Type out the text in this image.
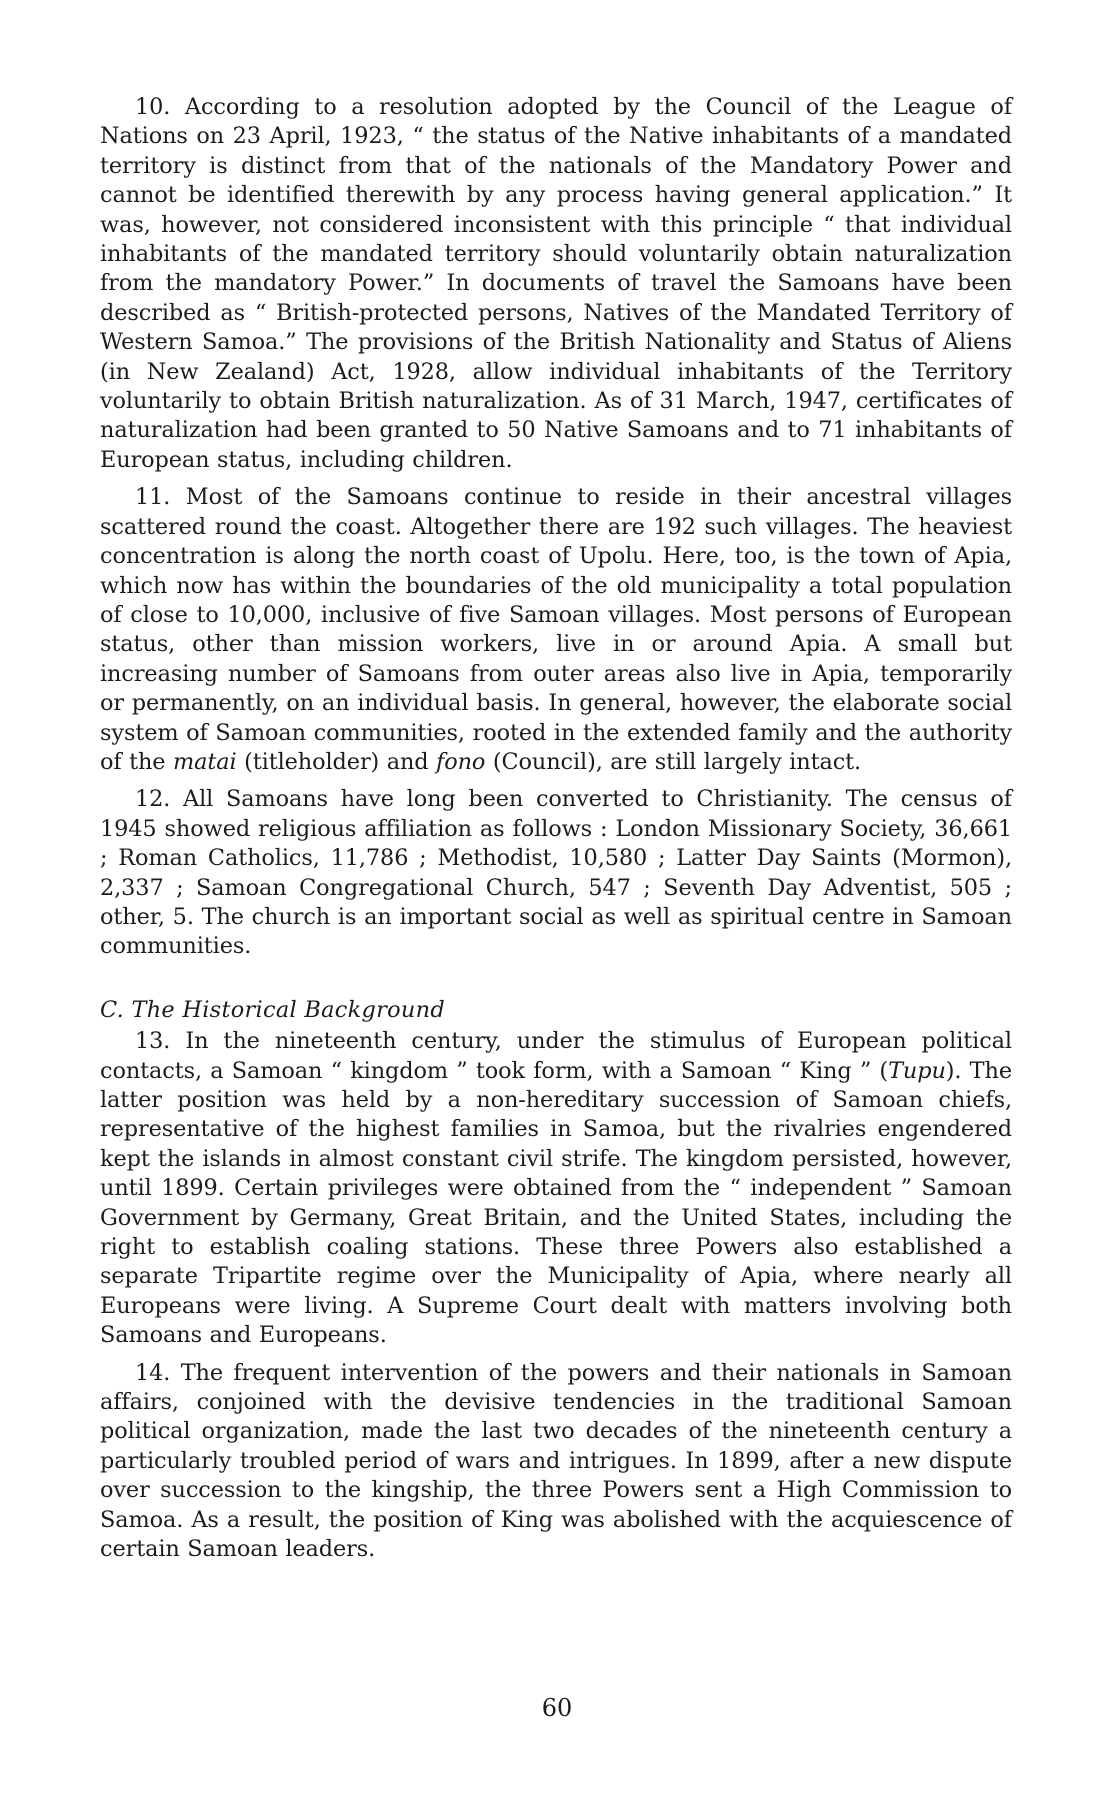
10. According to a resolution adopted by the Council of the League of Nations on 23 April, 1923, “ the status of the Native inhabitants of a mandated territory is distinct from that of the nationals of the Mandatory Power and cannot be identified therewith by any process having general application.” It was, however, not considered inconsistent with this principle “ that individual inhabitants of the mandated territory should voluntarily obtain naturalization from the mandatory Power.” In documents of travel the Samoans have been described as “ British-protected persons, Natives of the Mandated Territory of Western Samoa.” The provisions of the British Nationality and Status of Aliens (in New Zealand) Act, 1928, allow individual inhabitants of the Territory voluntarily to obtain British naturalization. As of 31 March, 1947, certificates of naturalization had been granted to 50 Native Samoans and to 71 inhabitants of European status, including children.
11. Most of the Samoans continue to reside in their ancestral villages scattered round the coast. Altogether there are 192 such villages. The heaviest concentration is along the north coast of Upolu. Here, too, is the town of Apia, which now has within the boundaries of the old municipality a total population of close to 10,000, inclusive of five Samoan villages. Most persons of European status, other than mission workers, live in or around Apia. A small but increasing number of Samoans from outer areas also live in Apia, temporarily or permanently, on an individual basis. In general, however, the elaborate social system of Samoan communities, rooted in the extended family and the authority of the matai (titleholder) and fono (Council), are still largely intact.
12. All Samoans have long been converted to Christianity. The census of 1945 showed religious affiliation as follows : London Missionary Society, 36,661 ; Roman Catholics, 11,786 ; Methodist, 10,580 ; Latter Day Saints (Mormon), 2,337 ; Samoan Congregational Church, 547 ; Seventh Day Adventist, 505 ; other, 5. The church is an important social as well as spiritual centre in Samoan communities.
C. The Historical Background
13. In the nineteenth century, under the stimulus of European political contacts, a Samoan “ kingdom ” took form, with a Samoan “ King ” (Tupu). The latter position was held by a non-hereditary succession of Samoan chiefs, representative of the highest families in Samoa, but the rivalries engendered kept the islands in almost constant civil strife. The kingdom persisted, however, until 1899. Certain privileges were obtained from the “ independent ” Samoan Government by Germany, Great Britain, and the United States, including the right to establish coaling stations. These three Powers also established a separate Tripartite regime over the Municipality of Apia, where nearly all Europeans were living. A Supreme Court dealt with matters involving both Samoans and Europeans.
14. The frequent intervention of the powers and their nationals in Samoan affairs, conjoined with the devisive tendencies in the traditional Samoan political organization, made the last two decades of the nineteenth century a particularly troubled period of wars and intrigues. In 1899, after a new dispute over succession to the kingship, the three Powers sent a High Commission to Samoa. As a result, the position of King was abolished with the acquiescence of certain Samoan leaders.
60
